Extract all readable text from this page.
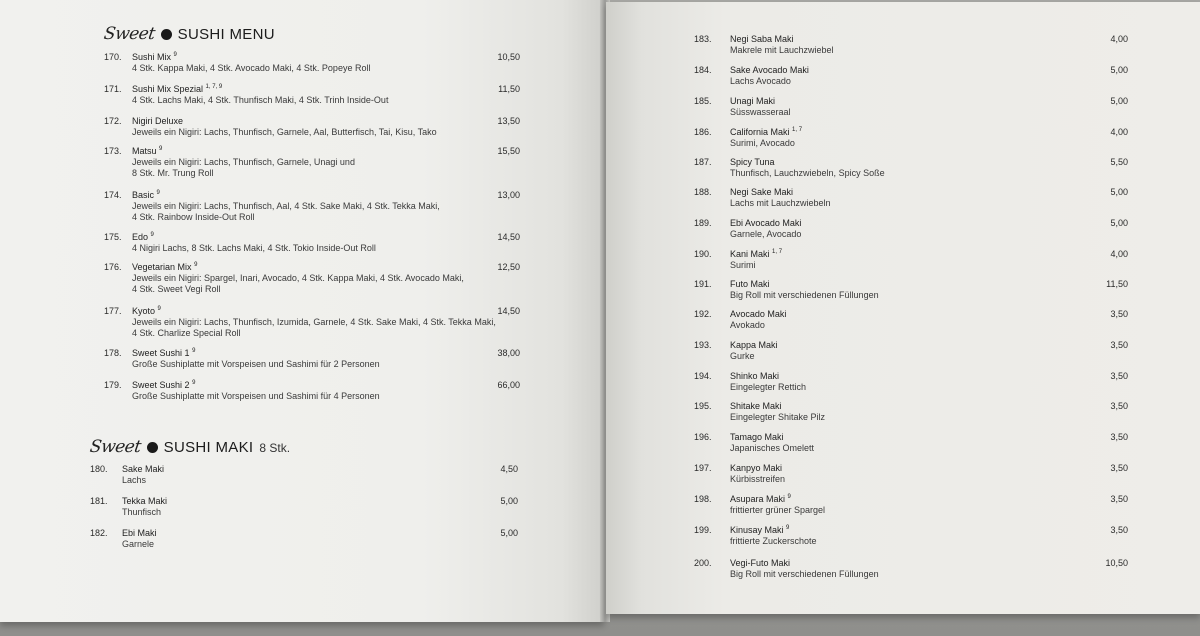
Sweet SUSHI MENU
170.	Sushi Mix $^9$
4 Stk. Kappa Maki, 4 Stk. Avocado Maki, 4 Stk. Popeye Roll
10,50
171.	Sushi Mix Spezial $^{1, 7, 9}$
4 Stk. Lachs Maki, 4 Stk. Thunfisch Maki, 4 Stk. Trinh Inside-Out
11,50
172.	Nigiri Deluxe
Jeweils ein Nigiri: Lachs, Thunfisch, Garnele, Aal, Butterfisch, Tai, Kisu, Tako
13,50
173.	Matsu $^9$
Jeweils ein Nigiri: Lachs, Thunfisch, Garnele, Unagi und
8 Stk. Mr. Trung Roll
15,50
174.	Basic $^9$
Jeweils ein Nigiri: Lachs, Thunfisch, Aal, 4 Stk. Sake Maki, 4 Stk. Tekka Maki,
4 Stk. Rainbow Inside-Out Roll
13,00
175.	Edo $^9$
4 Nigiri Lachs, 8 Stk. Lachs Maki, 4 Stk. Tokio Inside-Out Roll
14,50
176.	Vegetarian Mix $^9$
Jeweils ein Nigiri: Spargel, Inari, Avocado, 4 Stk. Kappa Maki, 4 Stk. Avocado Maki,
4 Stk. Sweet Vegi Roll
12,50
177.	Kyoto $^9$
Jeweils ein Nigiri: Lachs, Thunfisch, Izumida, Garnele, 4 Stk. Sake Maki, 4 Stk. Tekka Maki,
4 Stk. Charlize Special Roll
14,50
178.	Sweet Sushi 1 $^9$
Große Sushiplatte mit Vorspeisen und Sashimi für 2 Personen
38,00
179.	Sweet Sushi 2 $^9$
Große Sushiplatte mit Vorspeisen und Sashimi für 4 Personen
66,00
Sweet SUSHI MAKI 8 Stk.
180.	Sake Maki
Lachs
4,50
181.	Tekka Maki
Thunfisch
5,00
182.	Ebi Maki
Garnele
5,00
183.	Negi Saba Maki
Makrele mit Lauchzwiebel
4,00
184.	Sake Avocado Maki
Lachs Avocado
5,00
185.	Unagi Maki
Süsswasseraal
5,00
186.	California Maki $^{1, 7}$
Surimi, Avocado
4,00
187.	Spicy Tuna
Thunfisch, Lauchzwiebeln, Spicy Soße
5,50
188.	Negi Sake Maki
Lachs mit Lauchzwiebeln
5,00
189.	Ebi Avocado Maki
Garnele, Avocado
5,00
190.	Kani Maki $^{1, 7}$
Surimi
4,00
191.	Futo Maki
Big Roll mit verschiedenen Füllungen
11,50
192.	Avocado Maki
Avokado
3,50
193.	Kappa Maki
Gurke
3,50
194.	Shinko Maki
Eingelegter Rettich
3,50
195.	Shitake Maki
Eingelegter Shitake Pilz
3,50
196.	Tamago Maki
Japanisches Omelett
3,50
197.	Kanpyo Maki
Kürbisstreifen
3,50
198.	Asupara Maki $^9$
frittierter grüner Spargel
3,50
199.	Kinusay Maki $^9$
frittierte Zuckerschote
3,50
200.	Vegi-Futo Maki
Big Roll mit verschiedenen Füllungen
10,50
